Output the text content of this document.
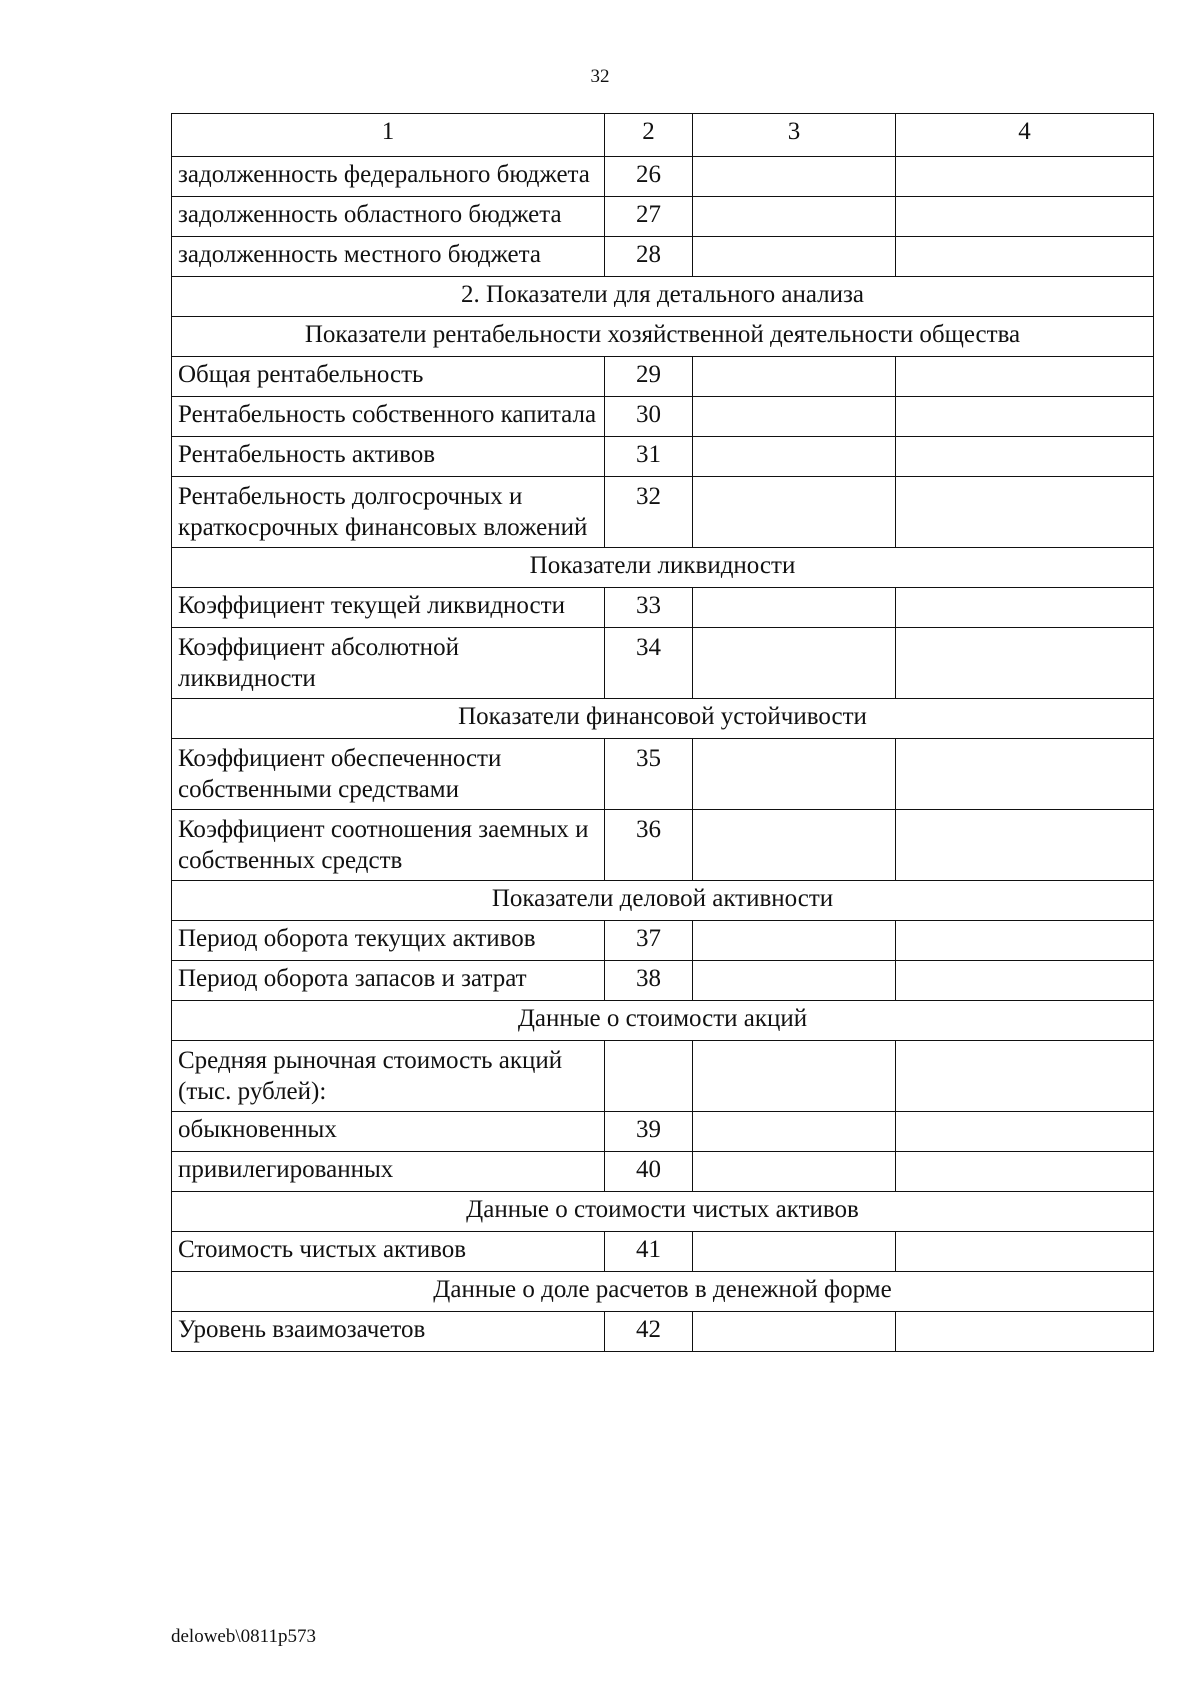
32
1	2	3	4
задолженность федерального бюджета	26		
задолженность областного бюджета	27		
задолженность местного бюджета	28		
2. Показатели для детального анализа			
Показатели рентабельности хозяйственной деятельности общества			
Общая рентабельность	29		
Рентабельность собственного капитала	30		
Рентабельность активов	31		
Рентабельность долгосрочных и краткосрочных финансовых вложений	32		
Показатели ликвидности			
Коэффициент текущей ликвидности	33		
Коэффициент абсолютной ликвидности	34		
Показатели финансовой устойчивости			
Коэффициент обеспеченности собственными средствами	35		
Коэффициент соотношения заемных и собственных средств	36		
Показатели деловой активности			
Период оборота текущих активов	37		
Период оборота запасов и затрат	38		
Данные о стоимости акций			
Средняя рыночная стоимость акций (тыс. рублей):			
обыкновенных	39		
привилегированных	40		
Данные о стоимости чистых активов			
Стоимость чистых активов	41		
Данные о доле расчетов в денежной форме			
Уровень взаимозачетов	42		
deloweb\0811p573
